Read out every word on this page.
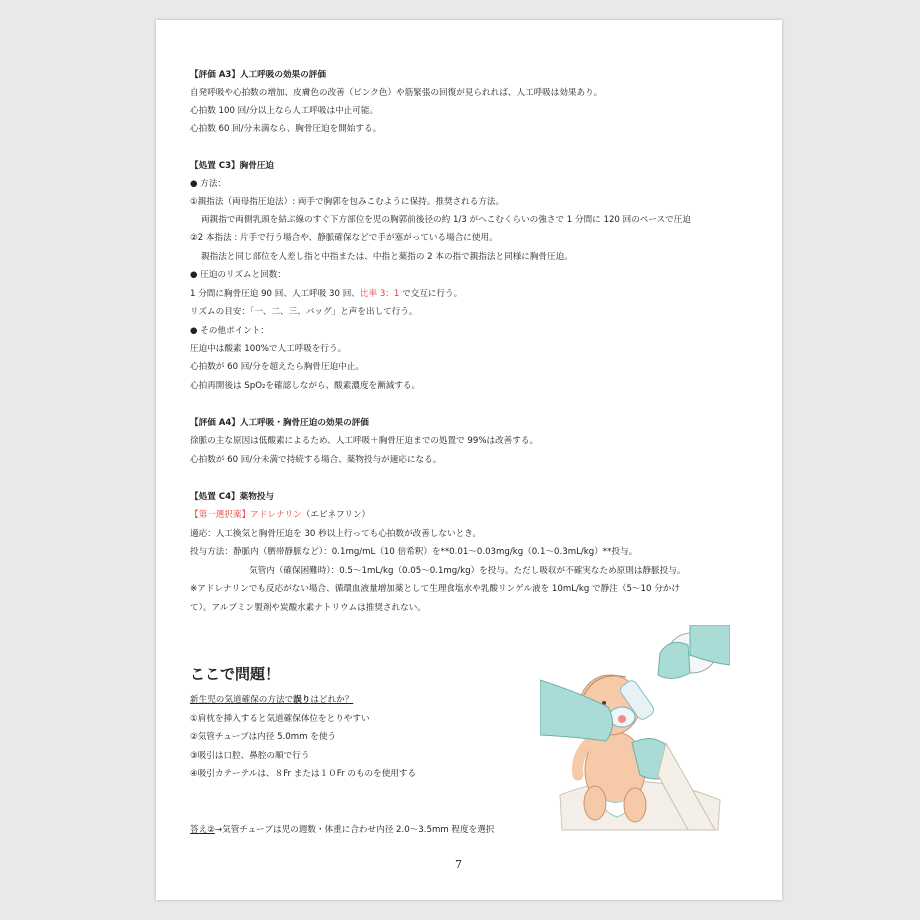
【評価 A3】人工呼吸の効果の評価
自発呼吸や心拍数の増加、皮膚色の改善（ピンク色）や筋緊張の回復が見られれば、人工呼吸は効果あり。
心拍数 100 回/分以上なら人工呼吸は中止可能。
心拍数 60 回/分未満なら、胸骨圧迫を開始する。
【処置 C3】胸骨圧迫
● 方法：
①親指法（両母指圧迫法）: 両手で胸郭を包みこむように保持。推奨される方法。
両親指で両側乳頭を結ぶ線のすぐ下方部位を児の胸郭前後径の約 1/3 がへこむくらいの強さで 1 分間に 120 回のペースで圧迫
②2 本指法 : 片手で行う場合や、静脈確保などで手が塞がっている場合に使用。
親指法と同じ部位を人差し指と中指または、中指と薬指の 2 本の指で親指法と同様に胸骨圧迫。
● 圧迫のリズムと回数：
1 分間に胸骨圧迫 90 回、人工呼吸 30 回、比率 3：1 で交互に行う。
リズムの目安：「一、二、三、バッグ」と声を出して行う。
● その他ポイント：
圧迫中は酸素 100%で人工呼吸を行う。
心拍数が 60 回/分を超えたら胸骨圧迫中止。
心拍再開後は SpO₂を確認しながら、酸素濃度を漸減する。
【評価 A4】人工呼吸・胸骨圧迫の効果の評価
徐脈の主な原因は低酸素によるため、人工呼吸＋胸骨圧迫までの処置で 99%は改善する。
心拍数が 60 回/分未満で持続する場合、薬物投与が適応になる。
【処置 C4】薬物投与
【第一選択薬】アドレナリン（エピネフリン）
適応：人工換気と胸骨圧迫を 30 秒以上行っても心拍数が改善しないとき。
投与方法：静脈内（臍帯静脈など）：0.1mg/mL（10 倍希釈）を**0.01～0.03mg/kg（0.1～0.3mL/kg）**投与。
気管内（確保困難時）：0.5～1mL/kg（0.05～0.1mg/kg）を投与。ただし吸収が不確実なため原則は静脈投与。
※アドレナリンでも反応がない場合、循環血液量増加薬として生理食塩水や乳酸リンゲル液を 10mL/kg で静注（5～10 分かけ
て）。アルブミン製剤や炭酸水素ナトリウムは推奨されない。
ここで問題！
新生児の気道確保の方法で誤りはどれか？
①肩枕を挿入すると気道確保体位をとりやすい
②気管チューブは内径 5.0mm を使う
③吸引は口腔、鼻腔の順で行う
④吸引カテーテルは、８Fr または１０Fr のものを使用する
答え②→気管チューブは児の週数・体重に合わせ内径 2.0～3.5mm 程度を選択
7
